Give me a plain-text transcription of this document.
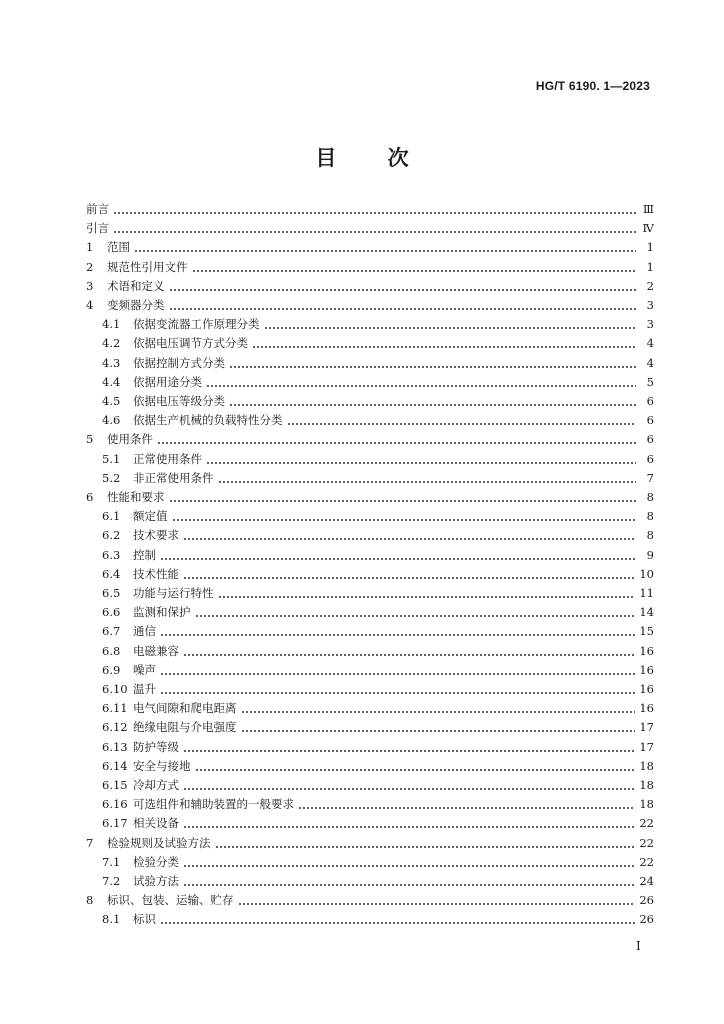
HG/T 6190. 1—2023
目 次
前言	Ⅲ
引言	Ⅳ
1	范围	1
2	规范性引用文件	1
3	术语和定义	2
4	变频器分类	3
4.1	依据变流器工作原理分类	3
4.2	依据电压调节方式分类	4
4.3	依据控制方式分类	4
4.4	依据用途分类	5
4.5	依据电压等级分类	6
4.6	依据生产机械的负载特性分类	6
5	使用条件	6
5.1	正常使用条件	6
5.2	非正常使用条件	7
6	性能和要求	8
6.1	额定值	8
6.2	技术要求	8
6.3	控制	9
6.4	技术性能	10
6.5	功能与运行特性	11
6.6	监测和保护	14
6.7	通信	15
6.8	电磁兼容	16
6.9	噪声	16
6.10 温升	16
6.11 电气间隙和爬电距离	16
6.12 绝缘电阻与介电强度	17
6.13 防护等级	17
6.14 安全与接地	18
6.15 冷却方式	18
6.16 可选组件和辅助装置的一般要求	18
6.17 相关设备	22
7	检验规则及试验方法	22
7.1	检验分类	22
7.2	试验方法	24
8	标识、包装、运输、贮存	26
8.1	标识	26
Ⅰ
